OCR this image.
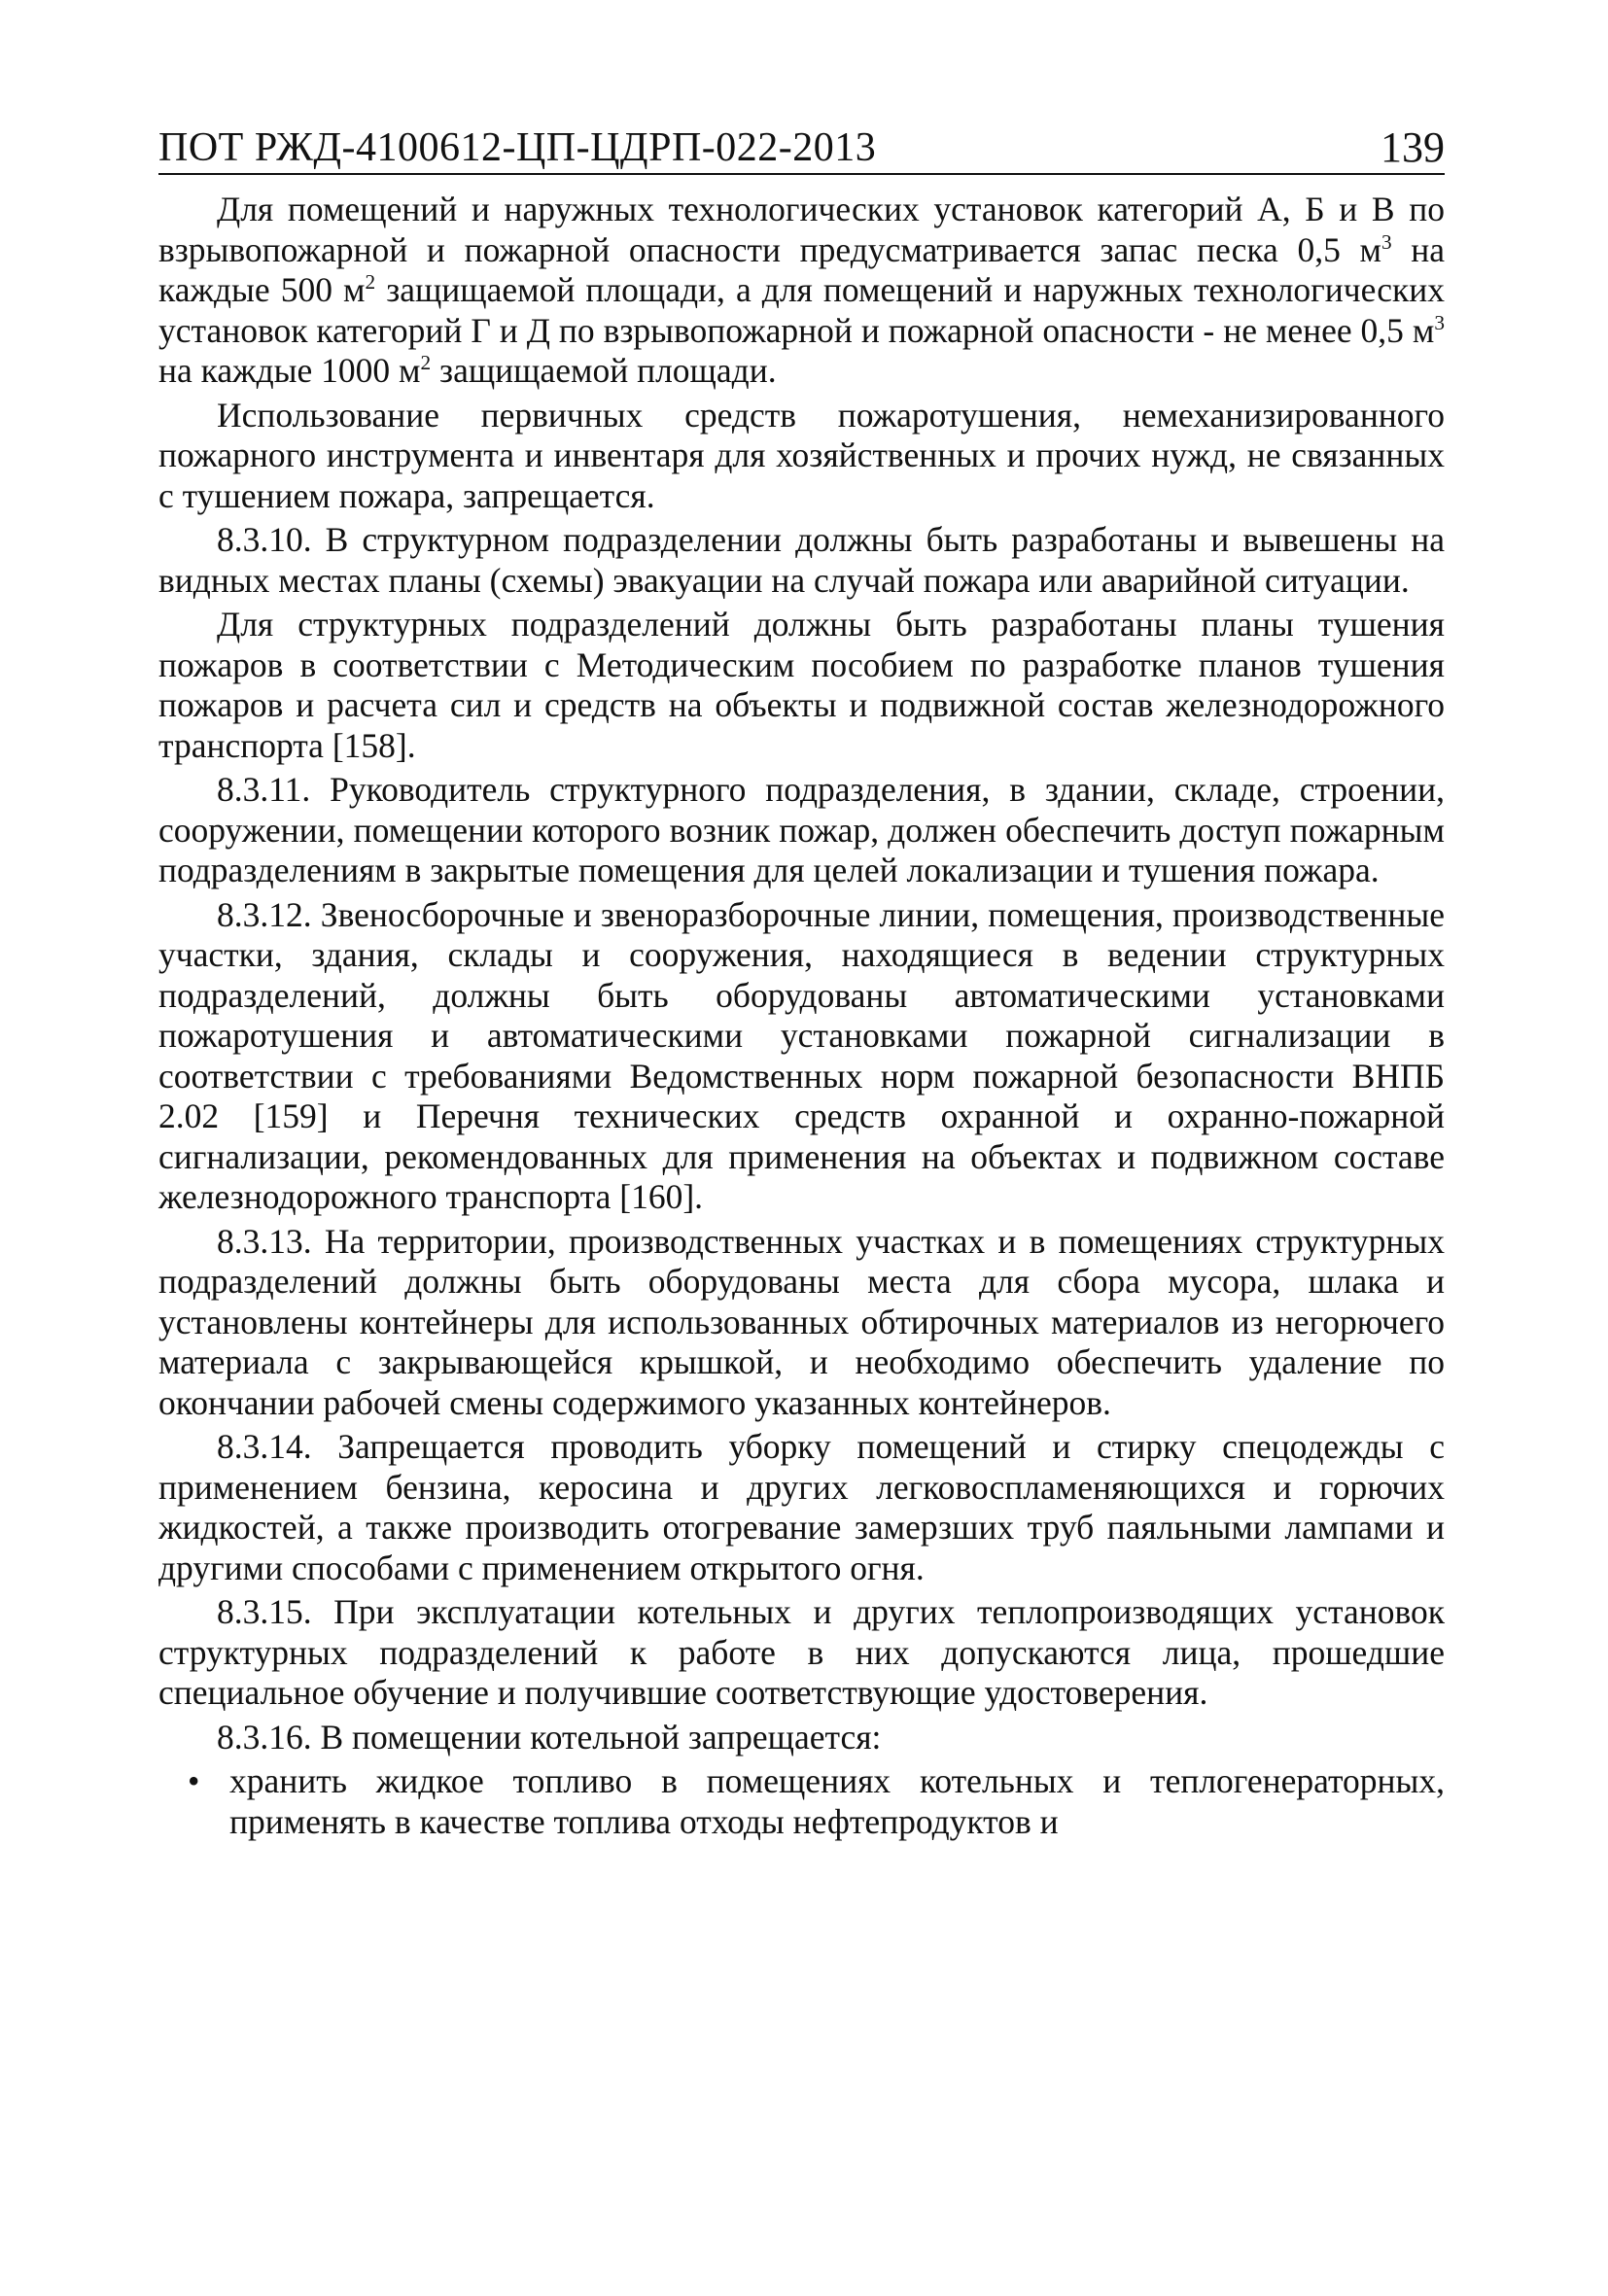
ПОТ РЖД-4100612-ЦП-ЦДРП-022-2013	139

Для помещений и наружных технологических установок категорий А, Б и В по взрывопожарной и пожарной опасности предусматривается запас песка 0,5 $м^3$ на каждые 500 $м^2$ защищаемой площади, а для помещений и наружных технологических установок категорий Г и Д по взрывопожарной и пожарной опасности - не менее 0,5 $м^3$ на каждые 1000 $м^2$ защищаемой площади.

Использование первичных средств пожаротушения, немеханизированного пожарного инструмента и инвентаря для хозяйственных и прочих нужд, не связанных с тушением пожара, запрещается.

8.3.10. В структурном подразделении должны быть разработаны и вывешены на видных местах планы (схемы) эвакуации на случай пожара или аварийной ситуации.

Для структурных подразделений должны быть разработаны планы тушения пожаров в соответствии с Методическим пособием по разработке планов тушения пожаров и расчета сил и средств на объекты и подвижной состав железнодорожного транспорта [158].

8.3.11. Руководитель структурного подразделения, в здании, складе, строении, сооружении, помещении которого возник пожар, должен обеспечить доступ пожарным подразделениям в закрытые помещения для целей локализации и тушения пожара.

8.3.12. Звеносборочные и звеноразборочные линии, помещения, производственные участки, здания, склады и сооружения, находящиеся в ведении структурных подразделений, должны быть оборудованы автоматическими установками пожаротушения и автоматическими установками пожарной сигнализации в соответствии с требованиями Ведомственных норм пожарной безопасности ВНПБ 2.02 [159] и Перечня технических средств охранной и охранно-пожарной сигнализации, рекомендованных для применения на объектах и подвижном составе железнодорожного транспорта [160].

8.3.13. На территории, производственных участках и в помещениях структурных подразделений должны быть оборудованы места для сбора мусора, шлака и установлены контейнеры для использованных обтирочных материалов из негорючего материала с закрывающейся крышкой, и необходимо обеспечить удаление по окончании рабочей смены содержимого указанных контейнеров.

8.3.14. Запрещается проводить уборку помещений и стирку спецодежды с применением бензина, керосина и других легковоспламеняющихся и горючих жидкостей, а также производить отогревание замерзших труб паяльными лампами и другими способами с применением открытого огня.

8.3.15. При эксплуатации котельных и других теплопроизводящих установок структурных подразделений к работе в них допускаются лица, прошедшие специальное обучение и получившие соответствующие удостоверения.

8.3.16. В помещении котельной запрещается:

• хранить жидкое топливо в помещениях котельных и теплогенераторных, применять в качестве топлива отходы нефтепродуктов и
